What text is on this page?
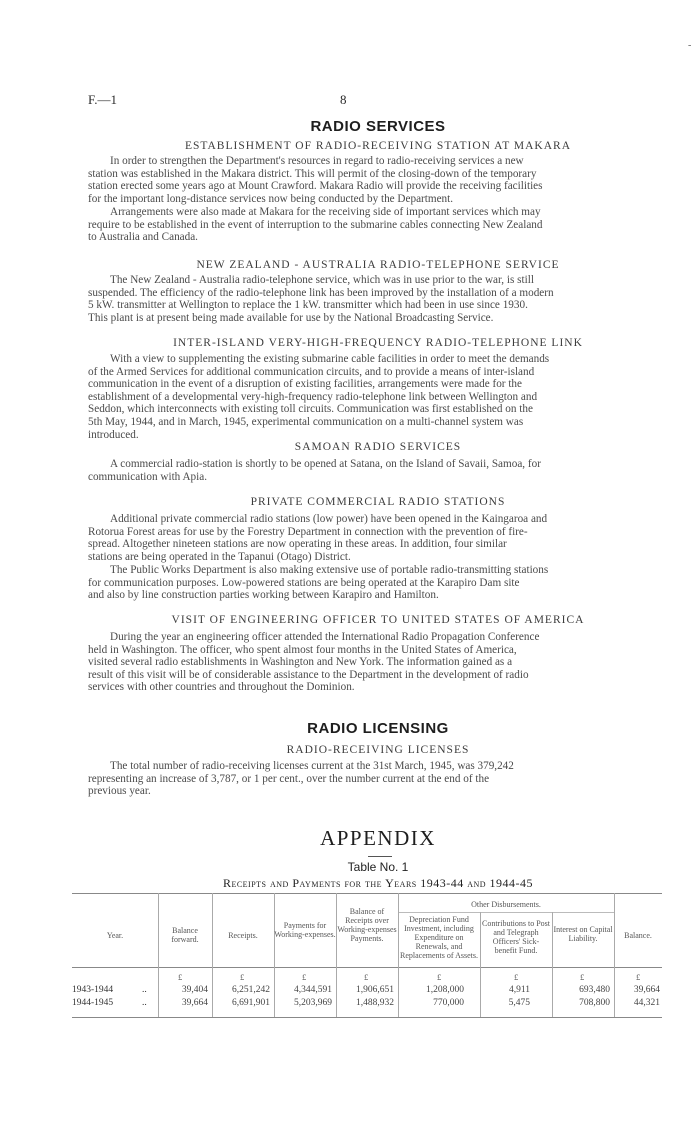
F.—1	8
-
RADIO SERVICES
ESTABLISHMENT OF RADIO-RECEIVING STATION AT MAKARA
In order to strengthen the Department's resources in regard to radio-receiving services a new
station was established in the Makara district. This will permit of the closing-down of the temporary
station erected some years ago at Mount Crawford. Makara Radio will provide the receiving facilities
for the important long-distance services now being conducted by the Department.
Arrangements were also made at Makara for the receiving side of important services which may
require to be established in the event of interruption to the submarine cables connecting New Zealand
to Australia and Canada.
NEW ZEALAND - AUSTRALIA RADIO-TELEPHONE SERVICE
The New Zealand - Australia radio-telephone service, which was in use prior to the war, is still
suspended. The efficiency of the radio-telephone link has been improved by the installation of a modern
5 kW. transmitter at Wellington to replace the 1 kW. transmitter which had been in use since 1930.
This plant is at present being made available for use by the National Broadcasting Service.
INTER-ISLAND VERY-HIGH-FREQUENCY RADIO-TELEPHONE LINK
With a view to supplementing the existing submarine cable facilities in order to meet the demands
of the Armed Services for additional communication circuits, and to provide a means of inter-island
communication in the event of a disruption of existing facilities, arrangements were made for the
establishment of a developmental very-high-frequency radio-telephone link between Wellington and
Seddon, which interconnects with existing toll circuits. Communication was first established on the
5th May, 1944, and in March, 1945, experimental communication on a multi-channel system was
introduced.
SAMOAN RADIO SERVICES
A commercial radio-station is shortly to be opened at Satana, on the Island of Savaii, Samoa, for
communication with Apia.
PRIVATE COMMERCIAL RADIO STATIONS
Additional private commercial radio stations (low power) have been opened in the Kaingaroa and
Rotorua Forest areas for use by the Forestry Department in connection with the prevention of fire-
spread. Altogether nineteen stations are now operating in these areas. In addition, four similar
stations are being operated in the Tapanui (Otago) District.
The Public Works Department is also making extensive use of portable radio-transmitting stations
for communication purposes. Low-powered stations are being operated at the Karapiro Dam site
and also by line construction parties working between Karapiro and Hamilton.
VISIT OF ENGINEERING OFFICER TO UNITED STATES OF AMERICA
During the year an engineering officer attended the International Radio Propagation Conference
held in Washington. The officer, who spent almost four months in the United States of America,
visited several radio establishments in Washington and New York. The information gained as a
result of this visit will be of considerable assistance to the Department in the development of radio
services with other countries and throughout the Dominion.
RADIO LICENSING
RADIO-RECEIVING LICENSES
The total number of radio-receiving licenses current at the 31st March, 1945, was 379,242
representing an increase of 3,787, or 1 per cent., over the number current at the end of the
previous year.
APPENDIX
Table No. 1
Receipts and Payments for the Years 1943-44 and 1944-45
Other Disbursements.
Year.
Balance forward.	Receipts.
Payments for Working-expenses.
Balance of Receipts over Working-expenses Payments.
Depreciation Fund Investment, including Expenditure on Renewals, and Replacements of Assets.
Contributions to Post and Telegraph Officers' Sick-benefit Fund.
Interest on Capital Liability.	Balance.
£	£	£	£	£	£	£	£
1943-1944	..	39,404	6,251,242	4,344,591	1,906,651	1,208,000	4,911	693,480	39,664
1944-1945	..	39,664	6,691,901	5,203,969	1,488,932	770,000	5,475	708,800	44,321
